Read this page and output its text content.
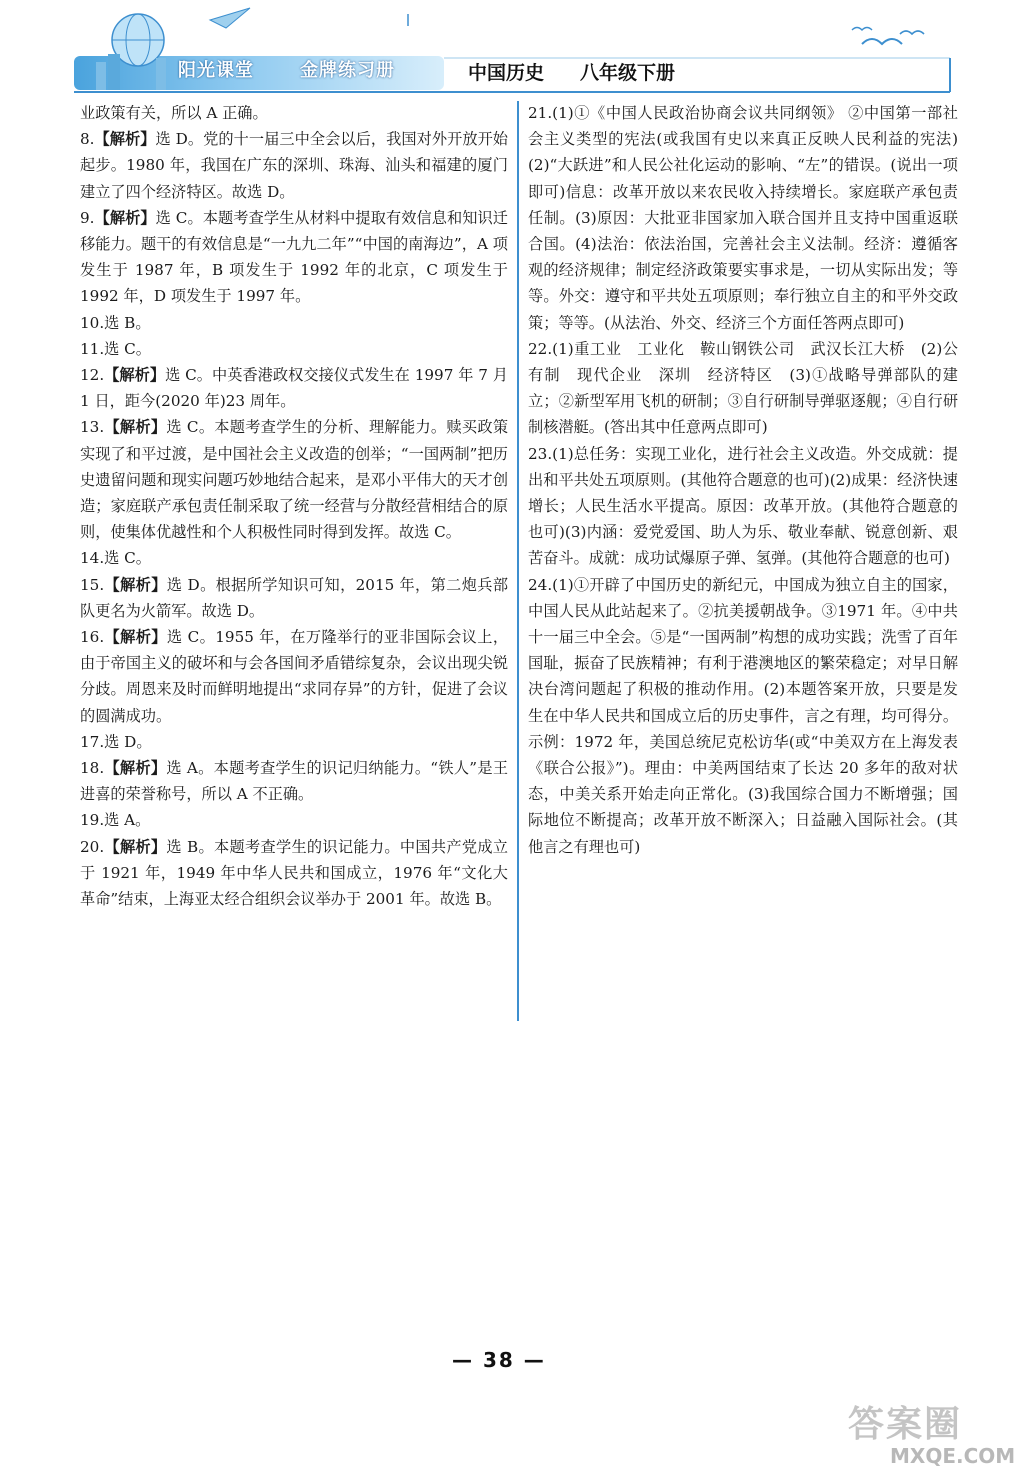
阳光课堂	金牌练习册	中国历史 八年级下册

业政策有关，所以 A 正确。

8.【解析】选 D。党的十一届三中全会以后，我国对外开放开始起步。1980 年，我国在广东的深圳、珠海、汕头和福建的厦门建立了四个经济特区。故选 D。

9.【解析】选 C。本题考查学生从材料中提取有效信息和知识迁移能力。题干的有效信息是“一九九二年”“中国的南海边”，A 项发生于 1987 年，B 项发生于 1992 年的北京，C 项发生于 1992 年，D 项发生于 1997 年。

10.选 B。

11.选 C。

12.【解析】选 C。中英香港政权交接仪式发生在 1997 年 7 月 1 日，距今(2020 年)23 周年。

13.【解析】选 C。本题考查学生的分析、理解能力。赎买政策实现了和平过渡，是中国社会主义改造的创举；“一国两制”把历史遗留问题和现实问题巧妙地结合起来，是邓小平伟大的天才创造；家庭联产承包责任制采取了统一经营与分散经营相结合的原则，使集体优越性和个人积极性同时得到发挥。故选 C。

14.选 C。

15.【解析】选 D。根据所学知识可知，2015 年，第二炮兵部队更名为火箭军。故选 D。

16.【解析】选 C。1955 年，在万隆举行的亚非国际会议上，由于帝国主义的破坏和与会各国间矛盾错综复杂，会议出现尖锐分歧。周恩来及时而鲜明地提出“求同存异”的方针，促进了会议的圆满成功。

17.选 D。

18.【解析】选 A。本题考查学生的识记归纳能力。“铁人”是王进喜的荣誉称号，所以 A 不正确。

19.选 A。

20.【解析】选 B。本题考查学生的识记能力。中国共产党成立于 1921 年，1949 年中华人民共和国成立，1976 年“文化大革命”结束，上海亚太经合组织会议举办于 2001 年。故选 B。

21.(1)①《中国人民政治协商会议共同纲领》 ②中国第一部社会主义类型的宪法(或我国有史以来真正反映人民利益的宪法) (2)“大跃进”和人民公社化运动的影响、“左”的错误。(说出一项即可)信息：改革开放以来农民收入持续增长。家庭联产承包责任制。(3)原因：大批亚非国家加入联合国并且支持中国重返联合国。(4)法治：依法治国，完善社会主义法制。经济：遵循客观的经济规律；制定经济政策要实事求是，一切从实际出发；等等。外交：遵守和平共处五项原则；奉行独立自主的和平外交政策；等等。(从法治、外交、经济三个方面任答两点即可)

22.(1)重工业　工业化　鞍山钢铁公司　武汉长江大桥　(2)公有制　现代企业　深圳　经济特区　(3)①战略导弹部队的建立；②新型军用飞机的研制；③自行研制导弹驱逐舰；④自行研制核潜艇。(答出其中任意两点即可)

23.(1)总任务：实现工业化，进行社会主义改造。外交成就：提出和平共处五项原则。(其他符合题意的也可)(2)成果：经济快速增长；人民生活水平提高。原因：改革开放。(其他符合题意的也可)(3)内涵：爱党爱国、助人为乐、敬业奉献、锐意创新、艰苦奋斗。成就：成功试爆原子弹、氢弹。(其他符合题意的也可)

24.(1)①开辟了中国历史的新纪元，中国成为独立自主的国家，中国人民从此站起来了。②抗美援朝战争。③1971 年。④中共十一届三中全会。⑤是“一国两制”构想的成功实践；洗雪了百年国耻，振奋了民族精神；有利于港澳地区的繁荣稳定；对早日解决台湾问题起了积极的推动作用。(2)本题答案开放，只要是发生在中华人民共和国成立后的历史事件，言之有理，均可得分。示例：1972 年，美国总统尼克松访华(或“中美双方在上海发表《联合公报》”)。理由：中美两国结束了长达 20 多年的敌对状态，中美关系开始走向正常化。(3)我国综合国力不断增强；国际地位不断提高；改革开放不断深入；日益融入国际社会。(其他言之有理也可)

— 38 —
答案圈
MXQE.COM
